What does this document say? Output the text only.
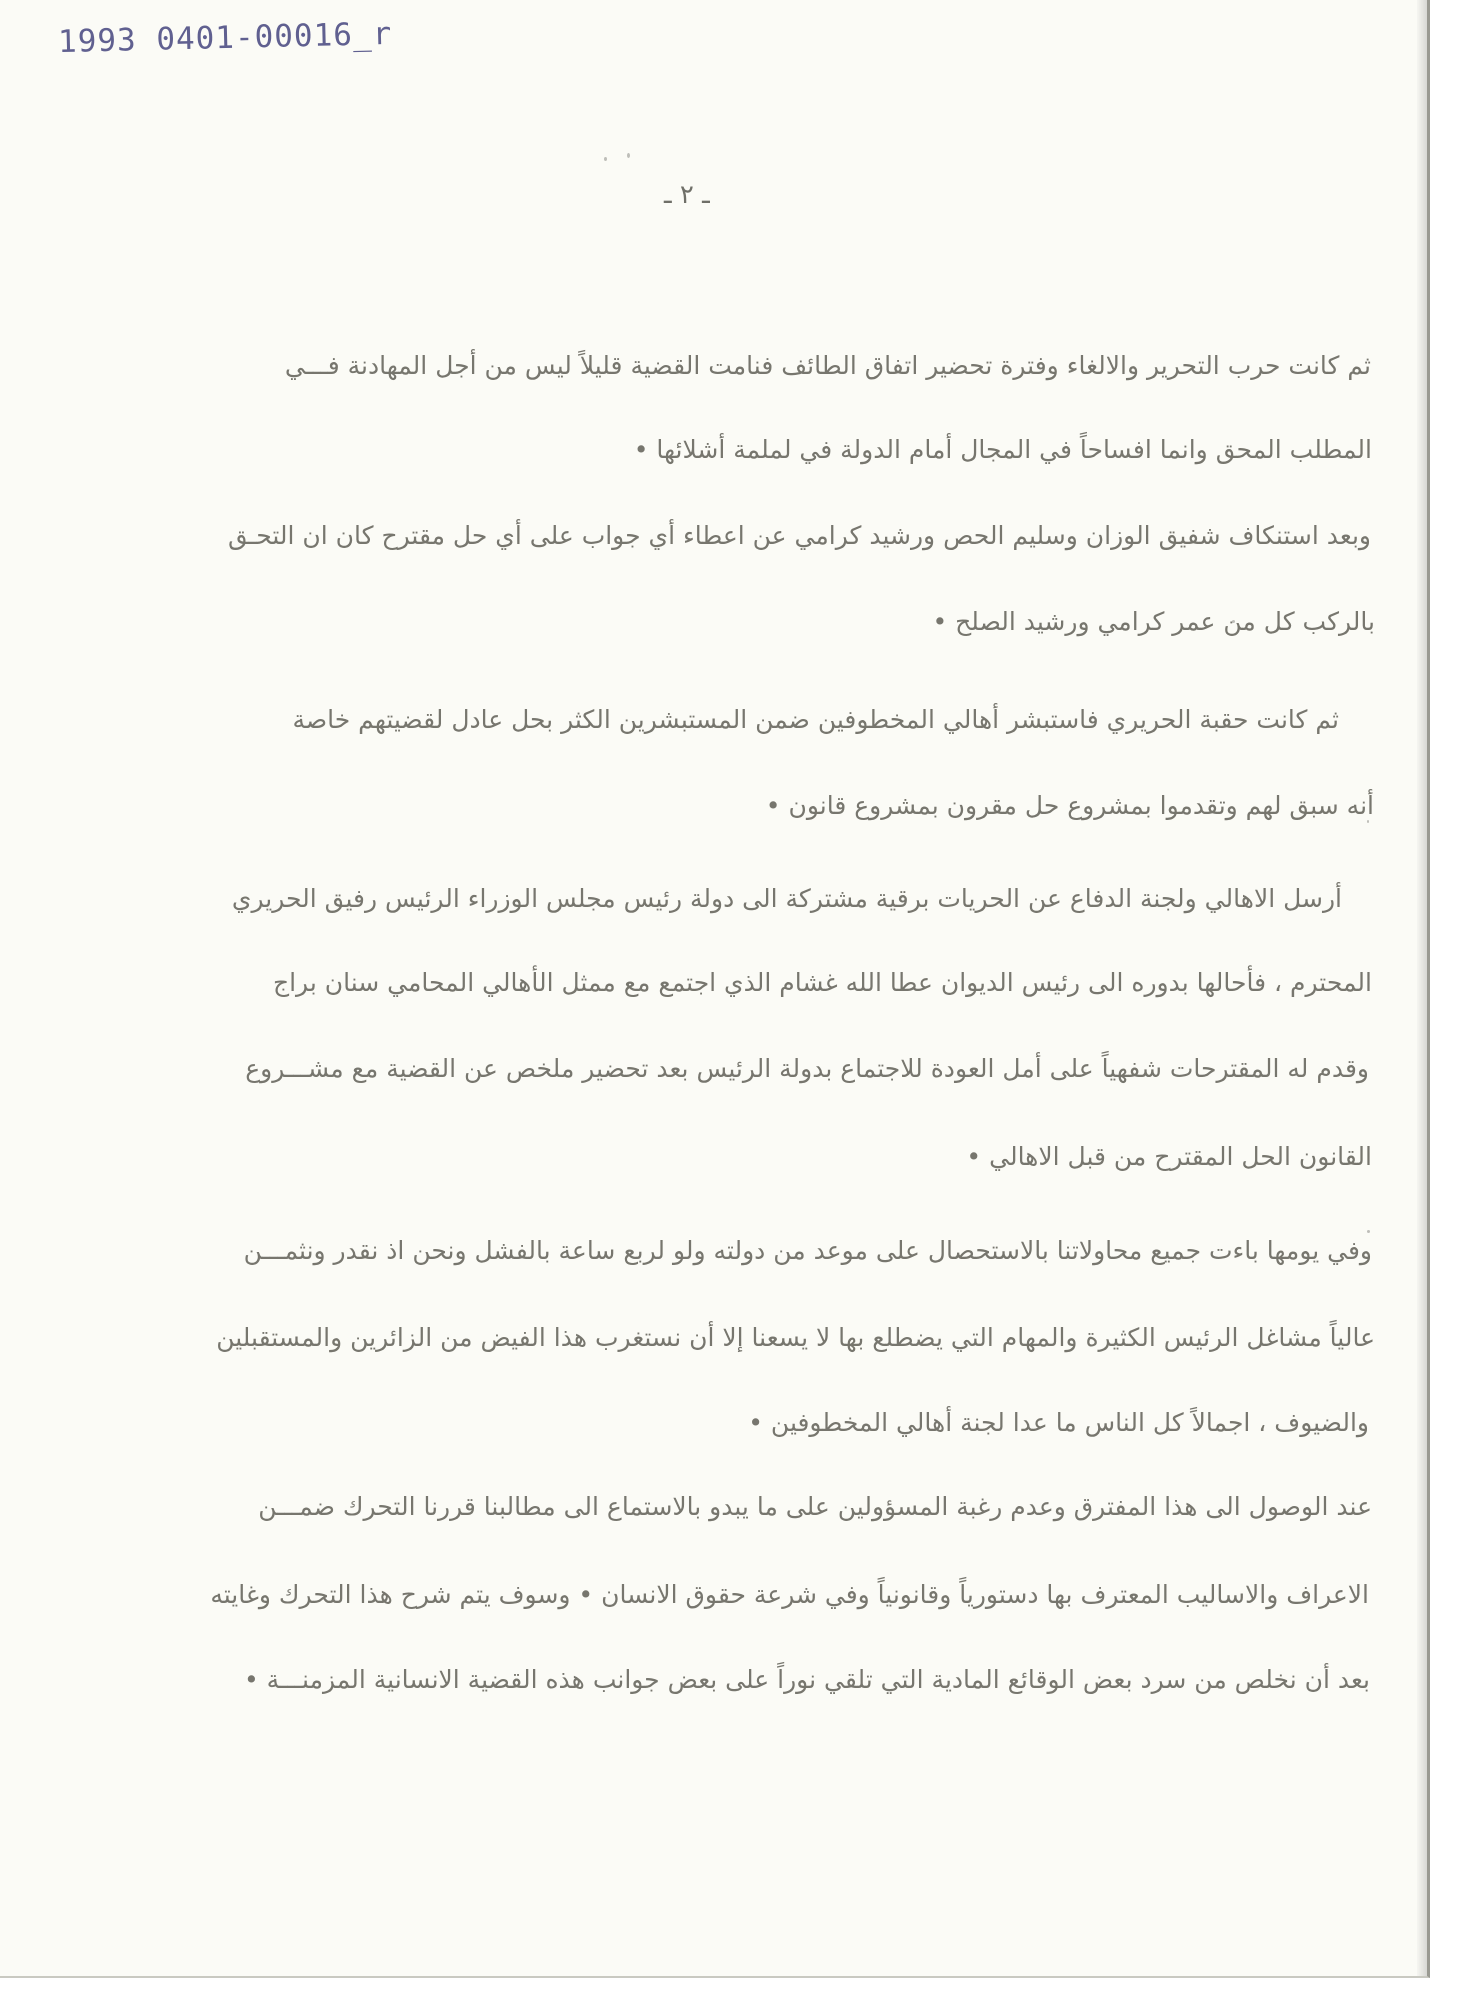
1993 0401-00016_r
ـ ٢ ـ
ثم كانت حرب التحرير والالغاء وفترة تحضير اتفاق الطائف فنامت القضية قليلاً ليس من أجل المهادنة فـــي
المطلب المحق وانما افساحاً في المجال أمام الدولة في لملمة أشلائها •
وبعد استنكاف شفيق الوزان وسليم الحص ورشيد كرامي عن اعطاء أي جواب على أي حل مقترح كان ان التحـق
بالركب كل من عمر كرامي ورشيد الصلح •
ثم كانت حقبة الحريري فاستبشر أهالي المخطوفين ضمن المستبشرين الكثر بحل عادل لقضيتهم خاصة
أنه سبق لهم وتقدموا بمشروع حل مقرون بمشروع قانون •
أرسل الاهالي ولجنة الدفاع عن الحريات برقية مشتركة الى دولة رئيس مجلس الوزراء الرئيس رفيق الحريري
المحترم ، فأحالها بدوره الى رئيس الديوان عطا الله غشام الذي اجتمع مع ممثل الأهالي المحامي سنان براج
وقدم له المقترحات شفهياً على أمل العودة للاجتماع بدولة الرئيس بعد تحضير ملخص عن القضية مع مشـــروع
القانون الحل المقترح من قبل الاهالي •
وفي يومها باءت جميع محاولاتنا بالاستحصال على موعد من دولته ولو لربع ساعة بالفشل ونحن اذ نقدر ونثمـــن
عالياً مشاغل الرئيس الكثيرة والمهام التي يضطلع بها لا يسعنا إلا أن نستغرب هذا الفيض من الزائرين والمستقبلين
والضيوف ، اجمالاً كل الناس ما عدا لجنة أهالي المخطوفين •
عند الوصول الى هذا المفترق وعدم رغبة المسؤولين على ما يبدو بالاستماع الى مطالبنا قررنا التحرك ضمـــن
الاعراف والاساليب المعترف بها دستورياً وقانونياً وفي شرعة حقوق الانسان • وسوف يتم شرح هذا التحرك وغايته
بعد أن نخلص من سرد بعض الوقائع المادية التي تلقي نوراً على بعض جوانب هذه القضية الانسانية المزمنـــة •
